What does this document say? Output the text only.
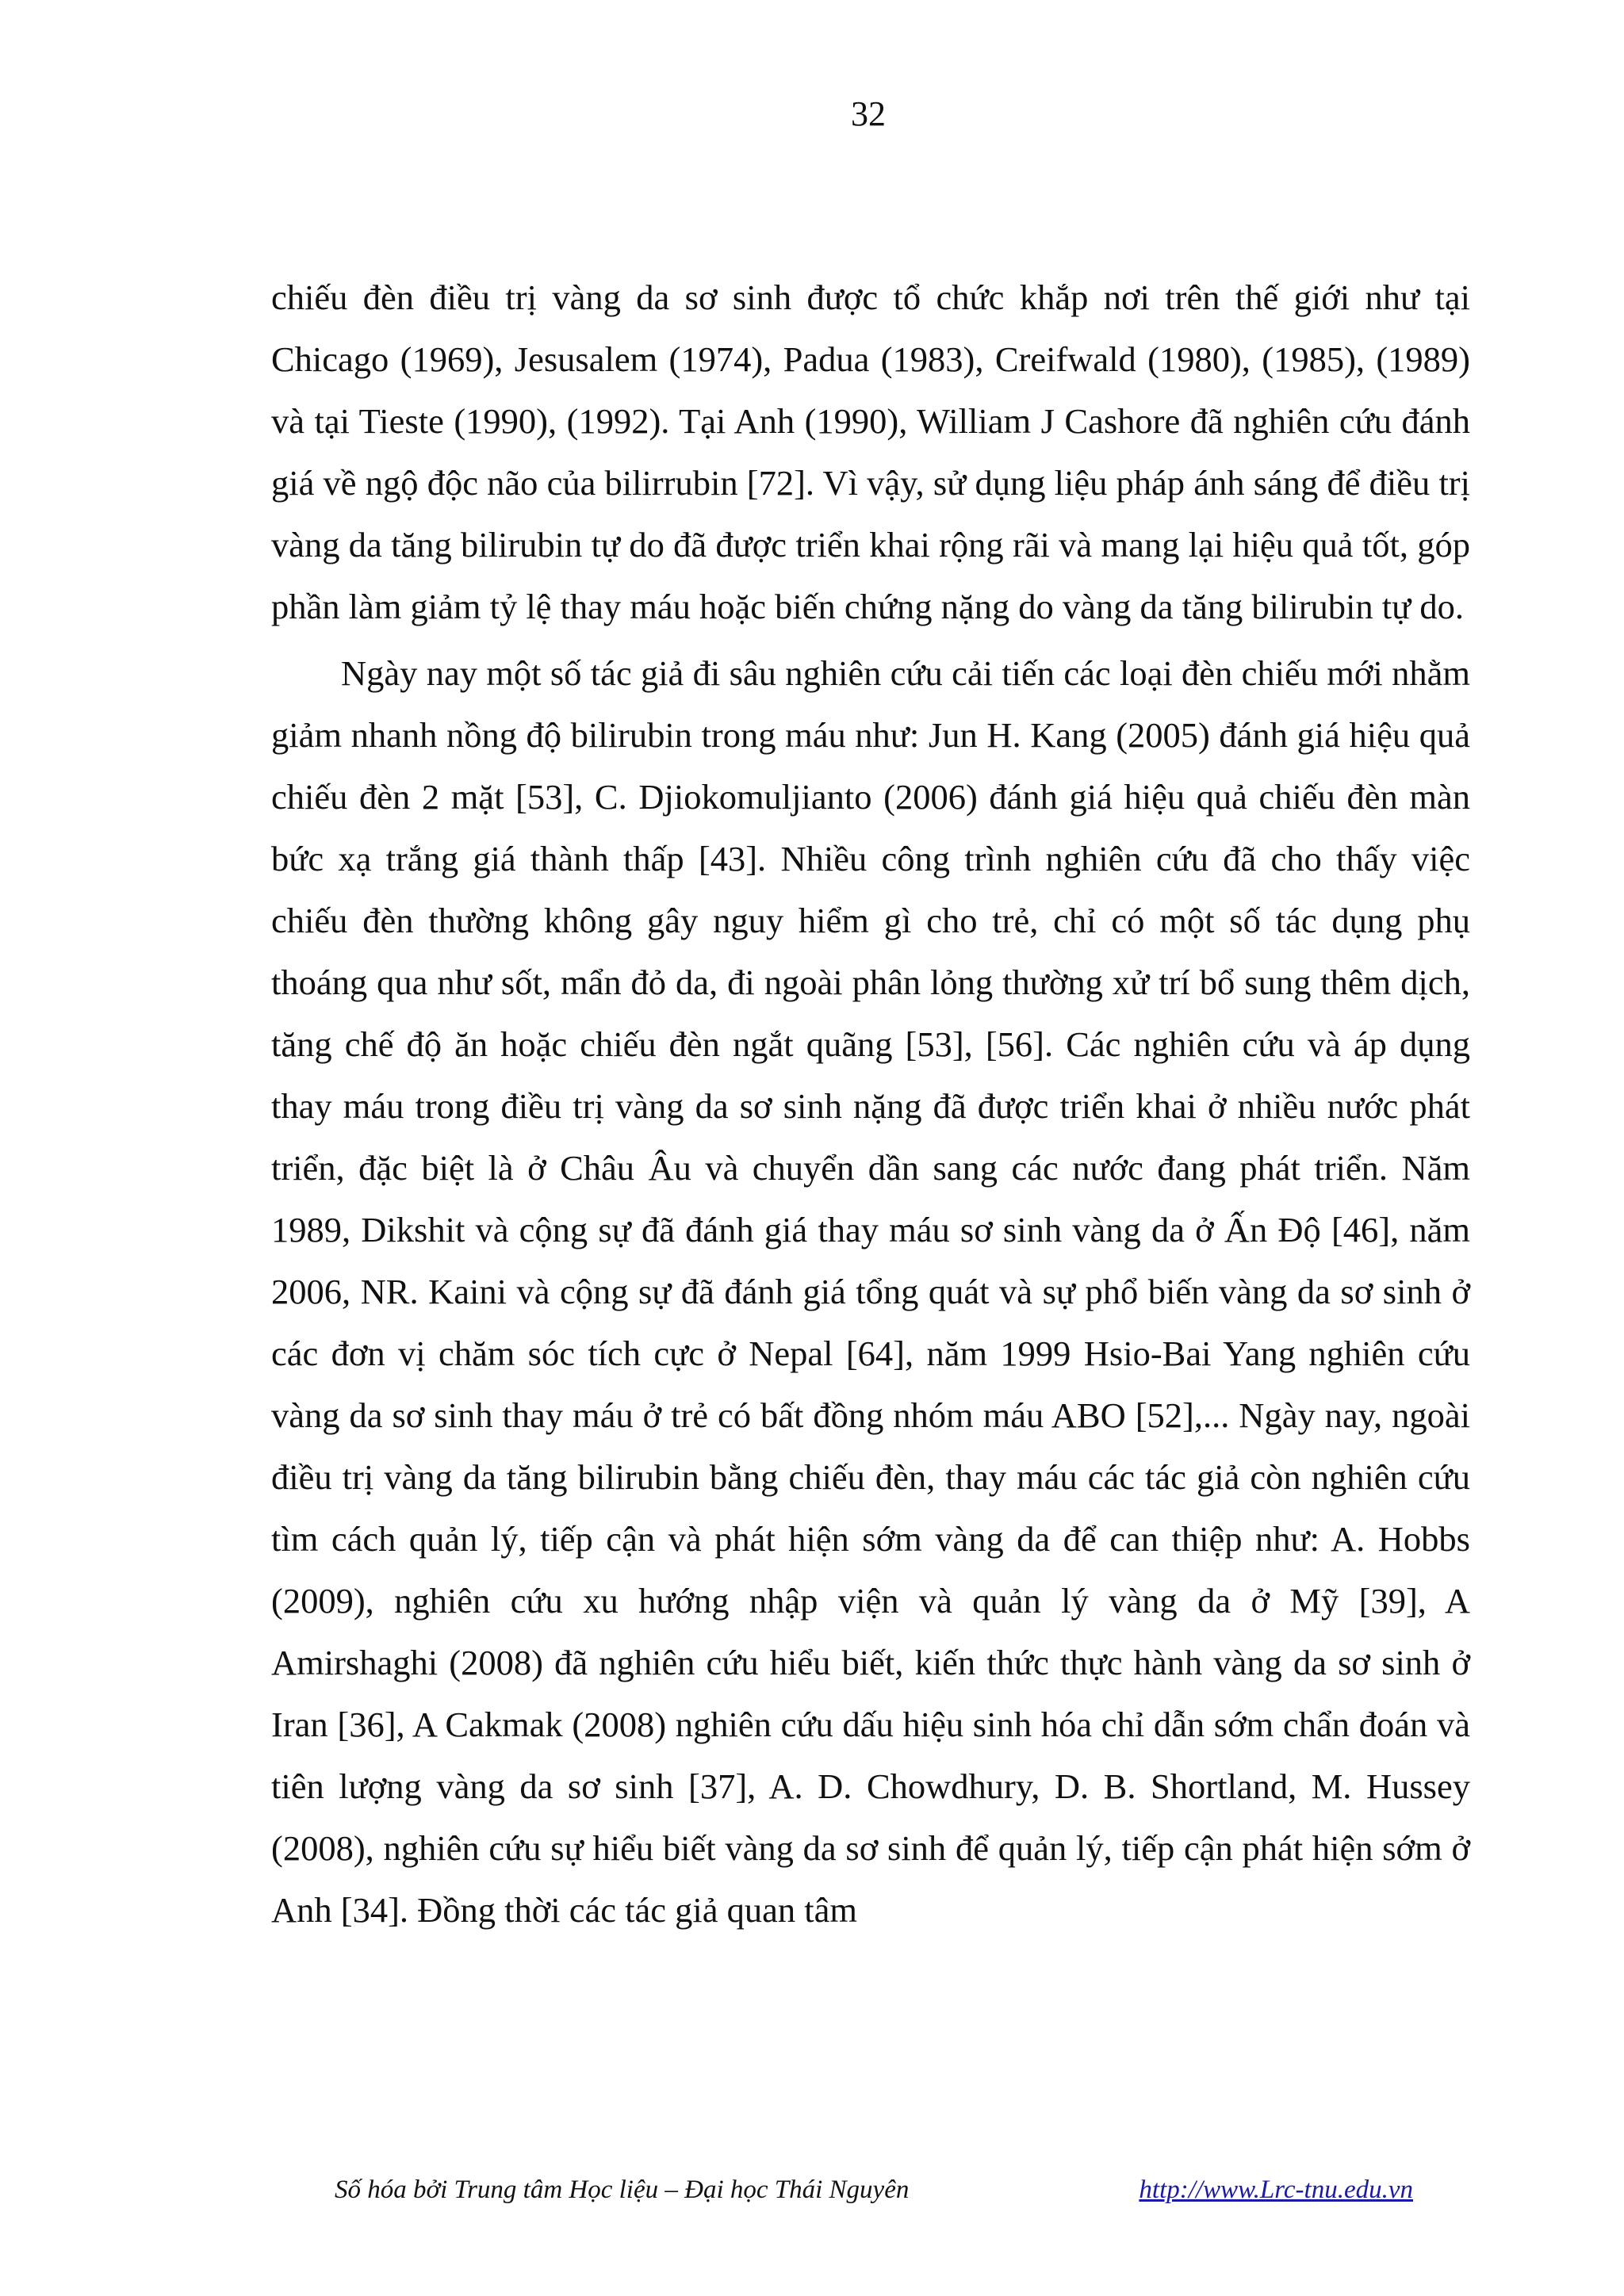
32

chiếu đèn điều trị vàng da sơ sinh được tổ chức khắp nơi trên thế giới như tại Chicago (1969), Jesusalem (1974), Padua (1983), Creifwald (1980), (1985), (1989) và tại Tieste (1990), (1992). Tại Anh (1990), William J Cashore đã nghiên cứu đánh giá về ngộ độc não của bilirrubin [72]. Vì vậy, sử dụng liệu pháp ánh sáng để điều trị vàng da tăng bilirubin tự do đã được triển khai rộng rãi và mang lại hiệu quả tốt, góp phần làm giảm tỷ lệ thay máu hoặc biến chứng nặng do vàng da tăng bilirubin tự do.

Ngày nay một số tác giả đi sâu nghiên cứu cải tiến các loại đèn chiếu mới nhằm giảm nhanh nồng độ bilirubin trong máu như: Jun H. Kang (2005) đánh giá hiệu quả chiếu đèn 2 mặt [53], C. Djiokomuljianto (2006) đánh giá hiệu quả chiếu đèn màn bức xạ trắng giá thành thấp [43]. Nhiều công trình nghiên cứu đã cho thấy việc chiếu đèn thường không gây nguy hiểm gì cho trẻ, chỉ có một số tác dụng phụ thoáng qua như sốt, mẩn đỏ da, đi ngoài phân lỏng thường xử trí bổ sung thêm dịch, tăng chế độ ăn hoặc chiếu đèn ngắt quãng [53], [56]. Các nghiên cứu và áp dụng thay máu trong điều trị vàng da sơ sinh nặng đã được triển khai ở nhiều nước phát triển, đặc biệt là ở Châu Âu và chuyển dần sang các nước đang phát triển. Năm 1989, Dikshit và cộng sự đã đánh giá thay máu sơ sinh vàng da ở Ấn Độ [46], năm 2006, NR. Kaini và cộng sự đã đánh giá tổng quát và sự phổ biến vàng da sơ sinh ở các đơn vị chăm sóc tích cực ở Nepal [64], năm 1999 Hsio-Bai Yang nghiên cứu vàng da sơ sinh thay máu ở trẻ có bất đồng nhóm máu ABO [52],... Ngày nay, ngoài điều trị vàng da tăng bilirubin bằng chiếu đèn, thay máu các tác giả còn nghiên cứu tìm cách quản lý, tiếp cận và phát hiện sớm vàng da để can thiệp như: A. Hobbs (2009), nghiên cứu xu hướng nhập viện và quản lý vàng da ở Mỹ [39], A Amirshaghi (2008) đã nghiên cứu hiểu biết, kiến thức thực hành vàng da sơ sinh ở Iran [36], A Cakmak (2008) nghiên cứu dấu hiệu sinh hóa chỉ dẫn sớm chẩn đoán và tiên lượng vàng da sơ sinh [37], A. D. Chowdhury, D. B. Shortland, M. Hussey (2008), nghiên cứu sự hiểu biết vàng da sơ sinh để quản lý, tiếp cận phát hiện sớm ở Anh [34]. Đồng thời các tác giả quan tâm

Số hóa bởi Trung tâm Học liệu – Đại học Thái Nguyên	http://www.Lrc-tnu.edu.vn
